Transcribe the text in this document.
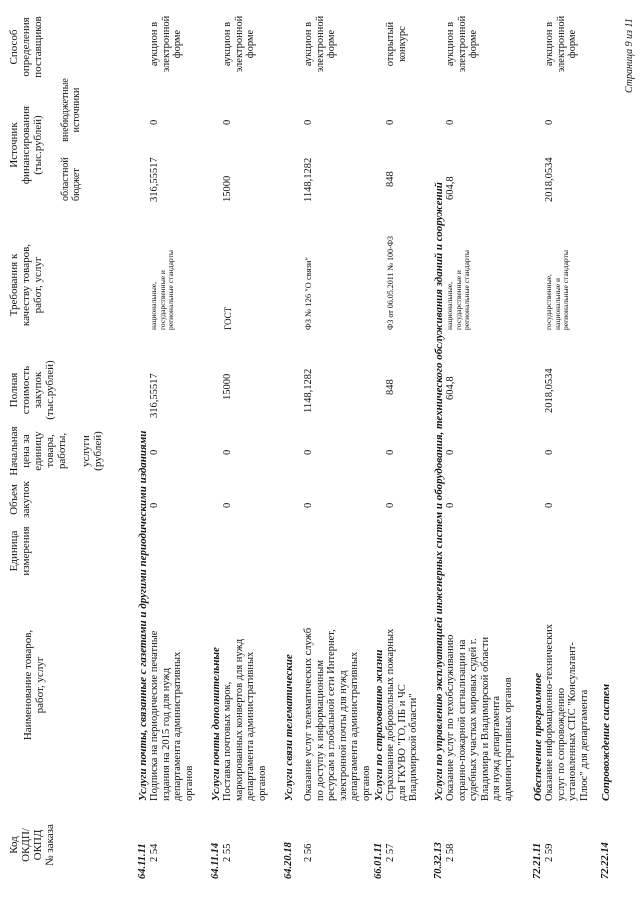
Код ОКДП/ ОКПД № заказа
Наименование товаров, работ, услуг
Единица измерения
Объем закупок
Начальная цена за единицу товара, работы, услуги (рублей)
Полная стоимость закупок (тыс.рублей)
Требования к качеству товаров, работ, услуг
Источник финансирования (тыс.рублей)
областной бюджет
внебюджетные источники
Способ определения поставщиков
64.11.11
Услуги почты, связанные с газетами и другими периодическими изданиями
2 54
Подписка на периодические печатные издания на 2015 год для нужд департамента административных органов
0
0
316,55517
национальные, государственные и региональные стандарты
316,55517
0
аукцион в электронной форме
64.11.14
Услуги почты дополнительные
2 55
Поставка почтовых марок, маркированных конвертов для нужд департамента административных органов
0
0
15000
ГОСТ
15000
0
аукцион в электронной форме
64.20.18
Услуги связи телематические
2 56
Оказание услуг телематических служб по доступу к информационным ресурсам в глобальной сети Интернет, электронной почты для нужд департамента административных органов
0
0
1148,1282
ФЗ № 126 "О связи"
1148,1282
0
аукцион в электронной форме
66.01.11
Услуги по страхованию жизни
2 57
Страхование добровольных пожарных для ГКУВО "ГО, ПБ и ЧС Владимирской области"
0
0
848
ФЗ от 06.05.2011 № 100-ФЗ
848
0
открытый конкурс
70.32.13
Услуги по управлению эксплуатацией инженерных систем и оборудования, технического обслуживания зданий и сооружений
2 58
Оказание услуг по техобслуживанию охранно-пожарной сигнализации на судебных участках мировых судей г. Владимира и Владимирской области для нужд департамента административных органов
0
0
604,8
национальные, государственные и региональные стандарты
604,8
0
аукцион в электронной форме
72.21.11
Обеспечение программное
2 59
Оказание информационно-технических услуг по сопровождению установленных СПС "Консультант- Плюс" для департамента
0
0
2018,0534
государственные, национальные и региональные стандарты
2018,0534
0
аукцион в электронной форме
72.22.14
Сопровождение систем
Страница 9 из 11
